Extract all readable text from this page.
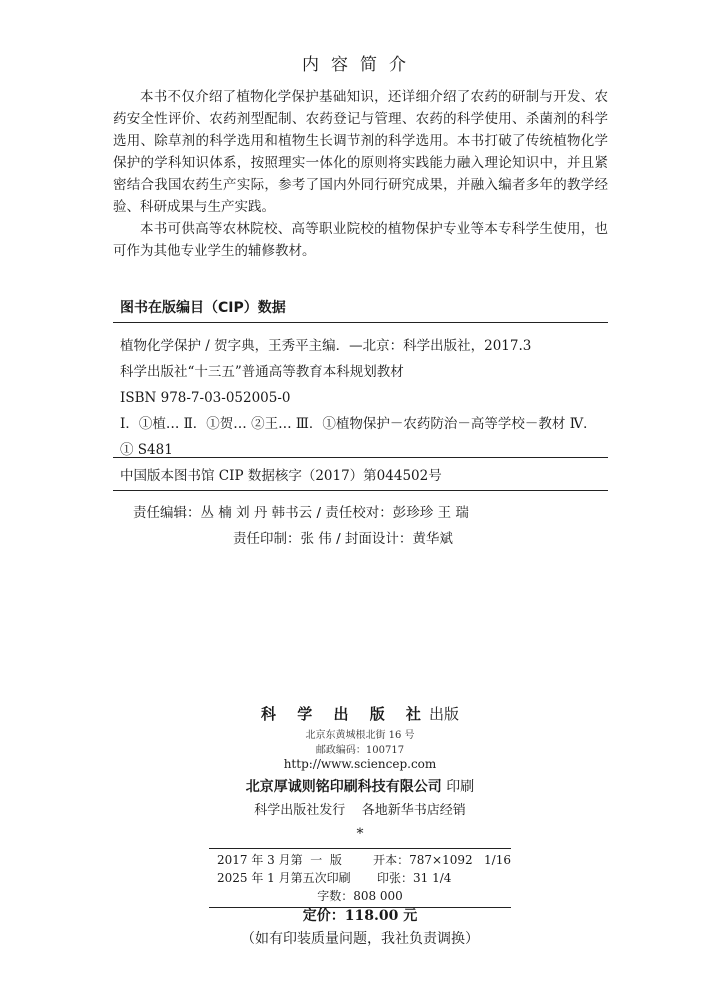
内容简介

本书不仅介绍了植物化学保护基础知识，还详细介绍了农药的研制与开发、农药安全性评价、农药剂型配制、农药登记与管理、农药的科学使用、杀菌剂的科学选用、除草剂的科学选用和植物生长调节剂的科学选用。本书打破了传统植物化学保护的学科知识体系，按照理实一体化的原则将实践能力融入理论知识中，并且紧密结合我国农药生产实际，参考了国内外同行研究成果，并融入编者多年的教学经验、科研成果与生产实践。

本书可供高等农林院校、高等职业院校的植物保护专业等本专科学生使用，也可作为其他专业学生的辅修教材。

图书在版编目（CIP）数据
植物化学保护 / 贺字典，王秀平主编．—北京：科学出版社，2017.3
科学出版社“十三五”普通高等教育本科规划教材
ISBN 978-7-03-052005-0
Ⅰ．①植… Ⅱ．①贺… ②王… Ⅲ．①植物保护－农药防治－高等学校－教材 Ⅳ．① S481
中国版本图书馆 CIP 数据核字（2017）第044502号
责任编辑：丛 楠 刘 丹 韩书云 / 责任校对：彭珍珍 王 瑞
责任印制：张 伟 / 封面设计：黄华斌
科 学 出 版 社出版
北京东黄城根北街 16 号
邮政编码：100717
http://www.sciencep.com
北京厚诚则铭印刷科技有限公司 印刷
科学出版社发行    各地新华书店经销
*
2017 年 3 月第  一  版	开本：787×1092   1/16
2025 年 1 月第五次印刷	印张：31 1/4
字数：808 000
定价：118.00 元
（如有印装质量问题，我社负责调换）
